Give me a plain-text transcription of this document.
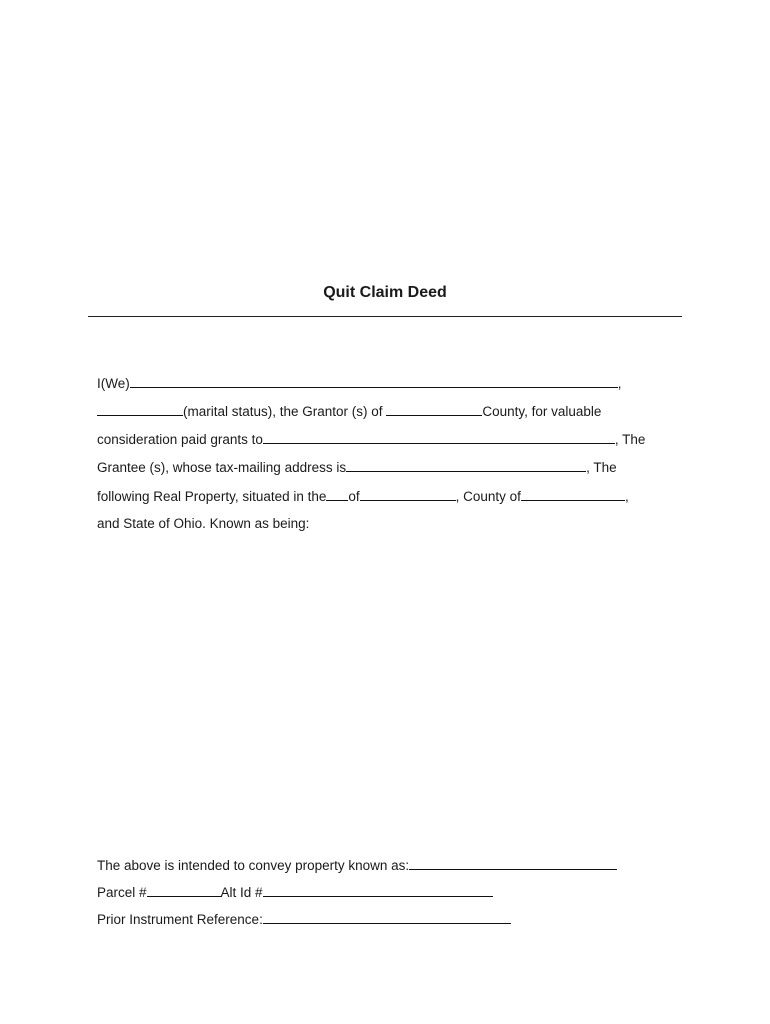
Quit Claim Deed
I(We)	,
(marital status), the Grantor (s) of	County, for valuable
consideration paid grants to	, The
Grantee (s), whose tax-mailing address is	, The
following Real Property, situated in the of	, County of	,
and State of Ohio. Known as being:
The above is intended to convey property known as:
Parcel #	Alt Id #
Prior Instrument Reference:
